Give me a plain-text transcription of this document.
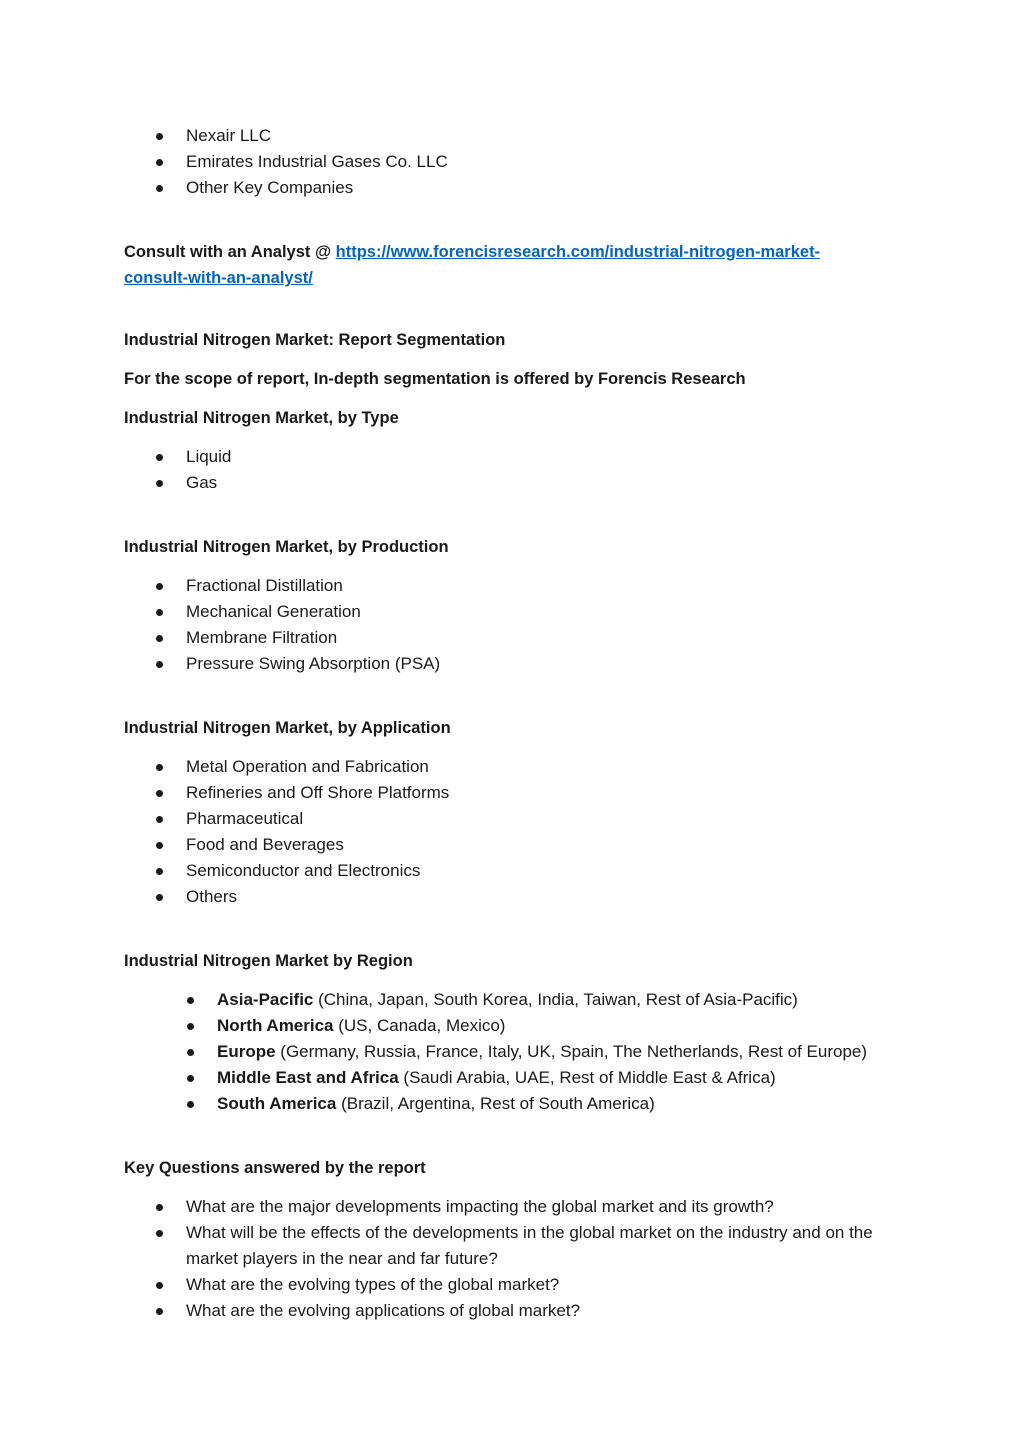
Nexair LLC
Emirates Industrial Gases Co. LLC
Other Key Companies
Consult with an Analyst @ https://www.forencisresearch.com/industrial-nitrogen-market-
consult-with-an-analyst/
Industrial Nitrogen Market: Report Segmentation
For the scope of report, In-depth segmentation is offered by Forencis Research
Industrial Nitrogen Market, by Type
Liquid
Gas
Industrial Nitrogen Market, by Production
Fractional Distillation
Mechanical Generation
Membrane Filtration
Pressure Swing Absorption (PSA)
Industrial Nitrogen Market, by Application
Metal Operation and Fabrication
Refineries and Off Shore Platforms
Pharmaceutical
Food and Beverages
Semiconductor and Electronics
Others
Industrial Nitrogen Market by Region
Asia-Pacific (China, Japan, South Korea, India, Taiwan, Rest of Asia-Pacific)
North America (US, Canada, Mexico)
Europe (Germany, Russia, France, Italy, UK, Spain, The Netherlands, Rest of Europe)
Middle East and Africa (Saudi Arabia, UAE, Rest of Middle East & Africa)
South America (Brazil, Argentina, Rest of South America)
Key Questions answered by the report
What are the major developments impacting the global market and its growth?
What will be the effects of the developments in the global market on the industry and on the market players in the near and far future?
What are the evolving types of the global market?
What are the evolving applications of global market?
